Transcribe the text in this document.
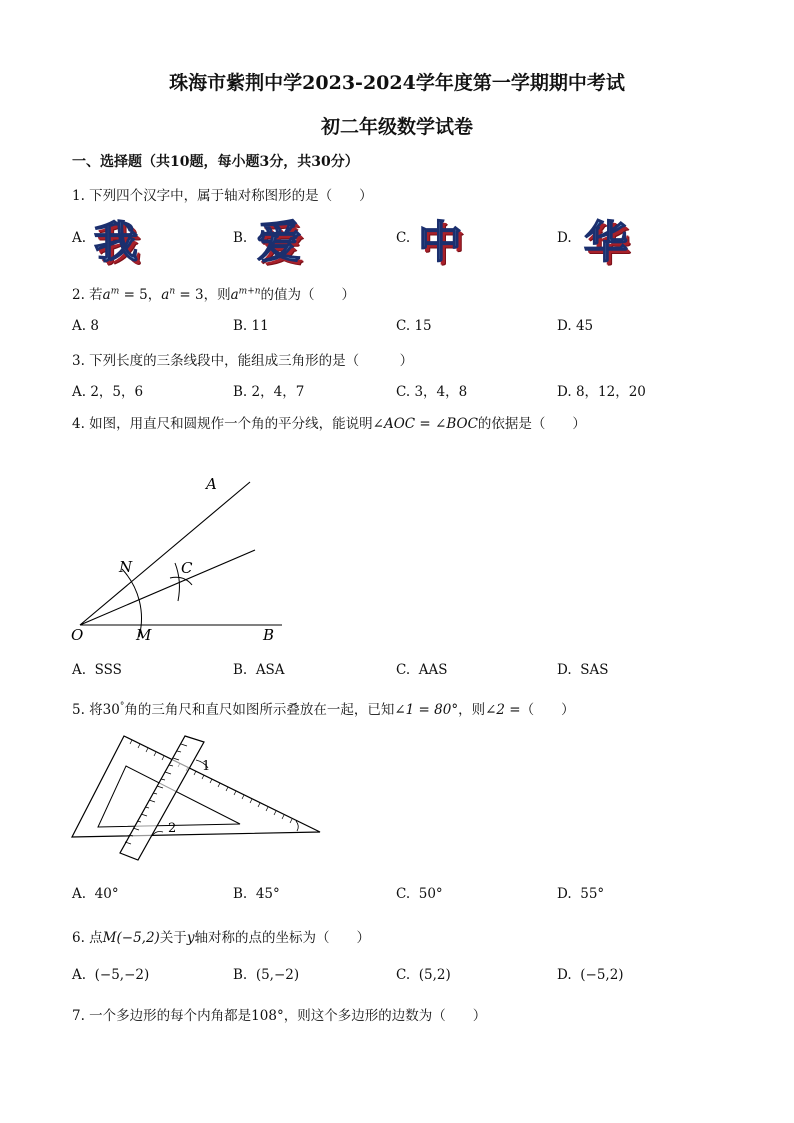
珠海市紫荆中学2023-2024学年度第一学期期中考试
初二年级数学试卷
一、选择题（共10题，每小题3分，共30分）
1. 下列四个汉字中，属于轴对称图形的是（　　）
A. 我	B. 爱	C. 中	D. 华
2. 若$a^m = 5$，$a^n = 3$，则$a^{m+n}$的值为（　　）
A. 8	B. 11	C. 15	D. 45
3. 下列长度的三条线段中，能组成三角形的是（　　　）
A. 2，5，6	B. 2，4，7	C. 3，4，8	D. 8，12，20
4. 如图，用直尺和圆规作一个角的平分线，能说明∠AOC = ∠BOC的依据是（　　）
A
B
C
N
M
O
A. SSS	B. ASA	C. AAS	D. SAS
5. 将30°角的三角尺和直尺如图所示叠放在一起，已知∠1 = 80°，则∠2 =（　　）
1
2
A. 40°	B. 45°	C. 50°	D. 55°
6. 点M(−5,2)关于y轴对称的点的坐标为（　　）
A. (−5,−2)	B. (5,−2)	C. (5,2)	D. (−5,2)
7. 一个多边形的每个内角都是108°，则这个多边形的边数为（　　）
